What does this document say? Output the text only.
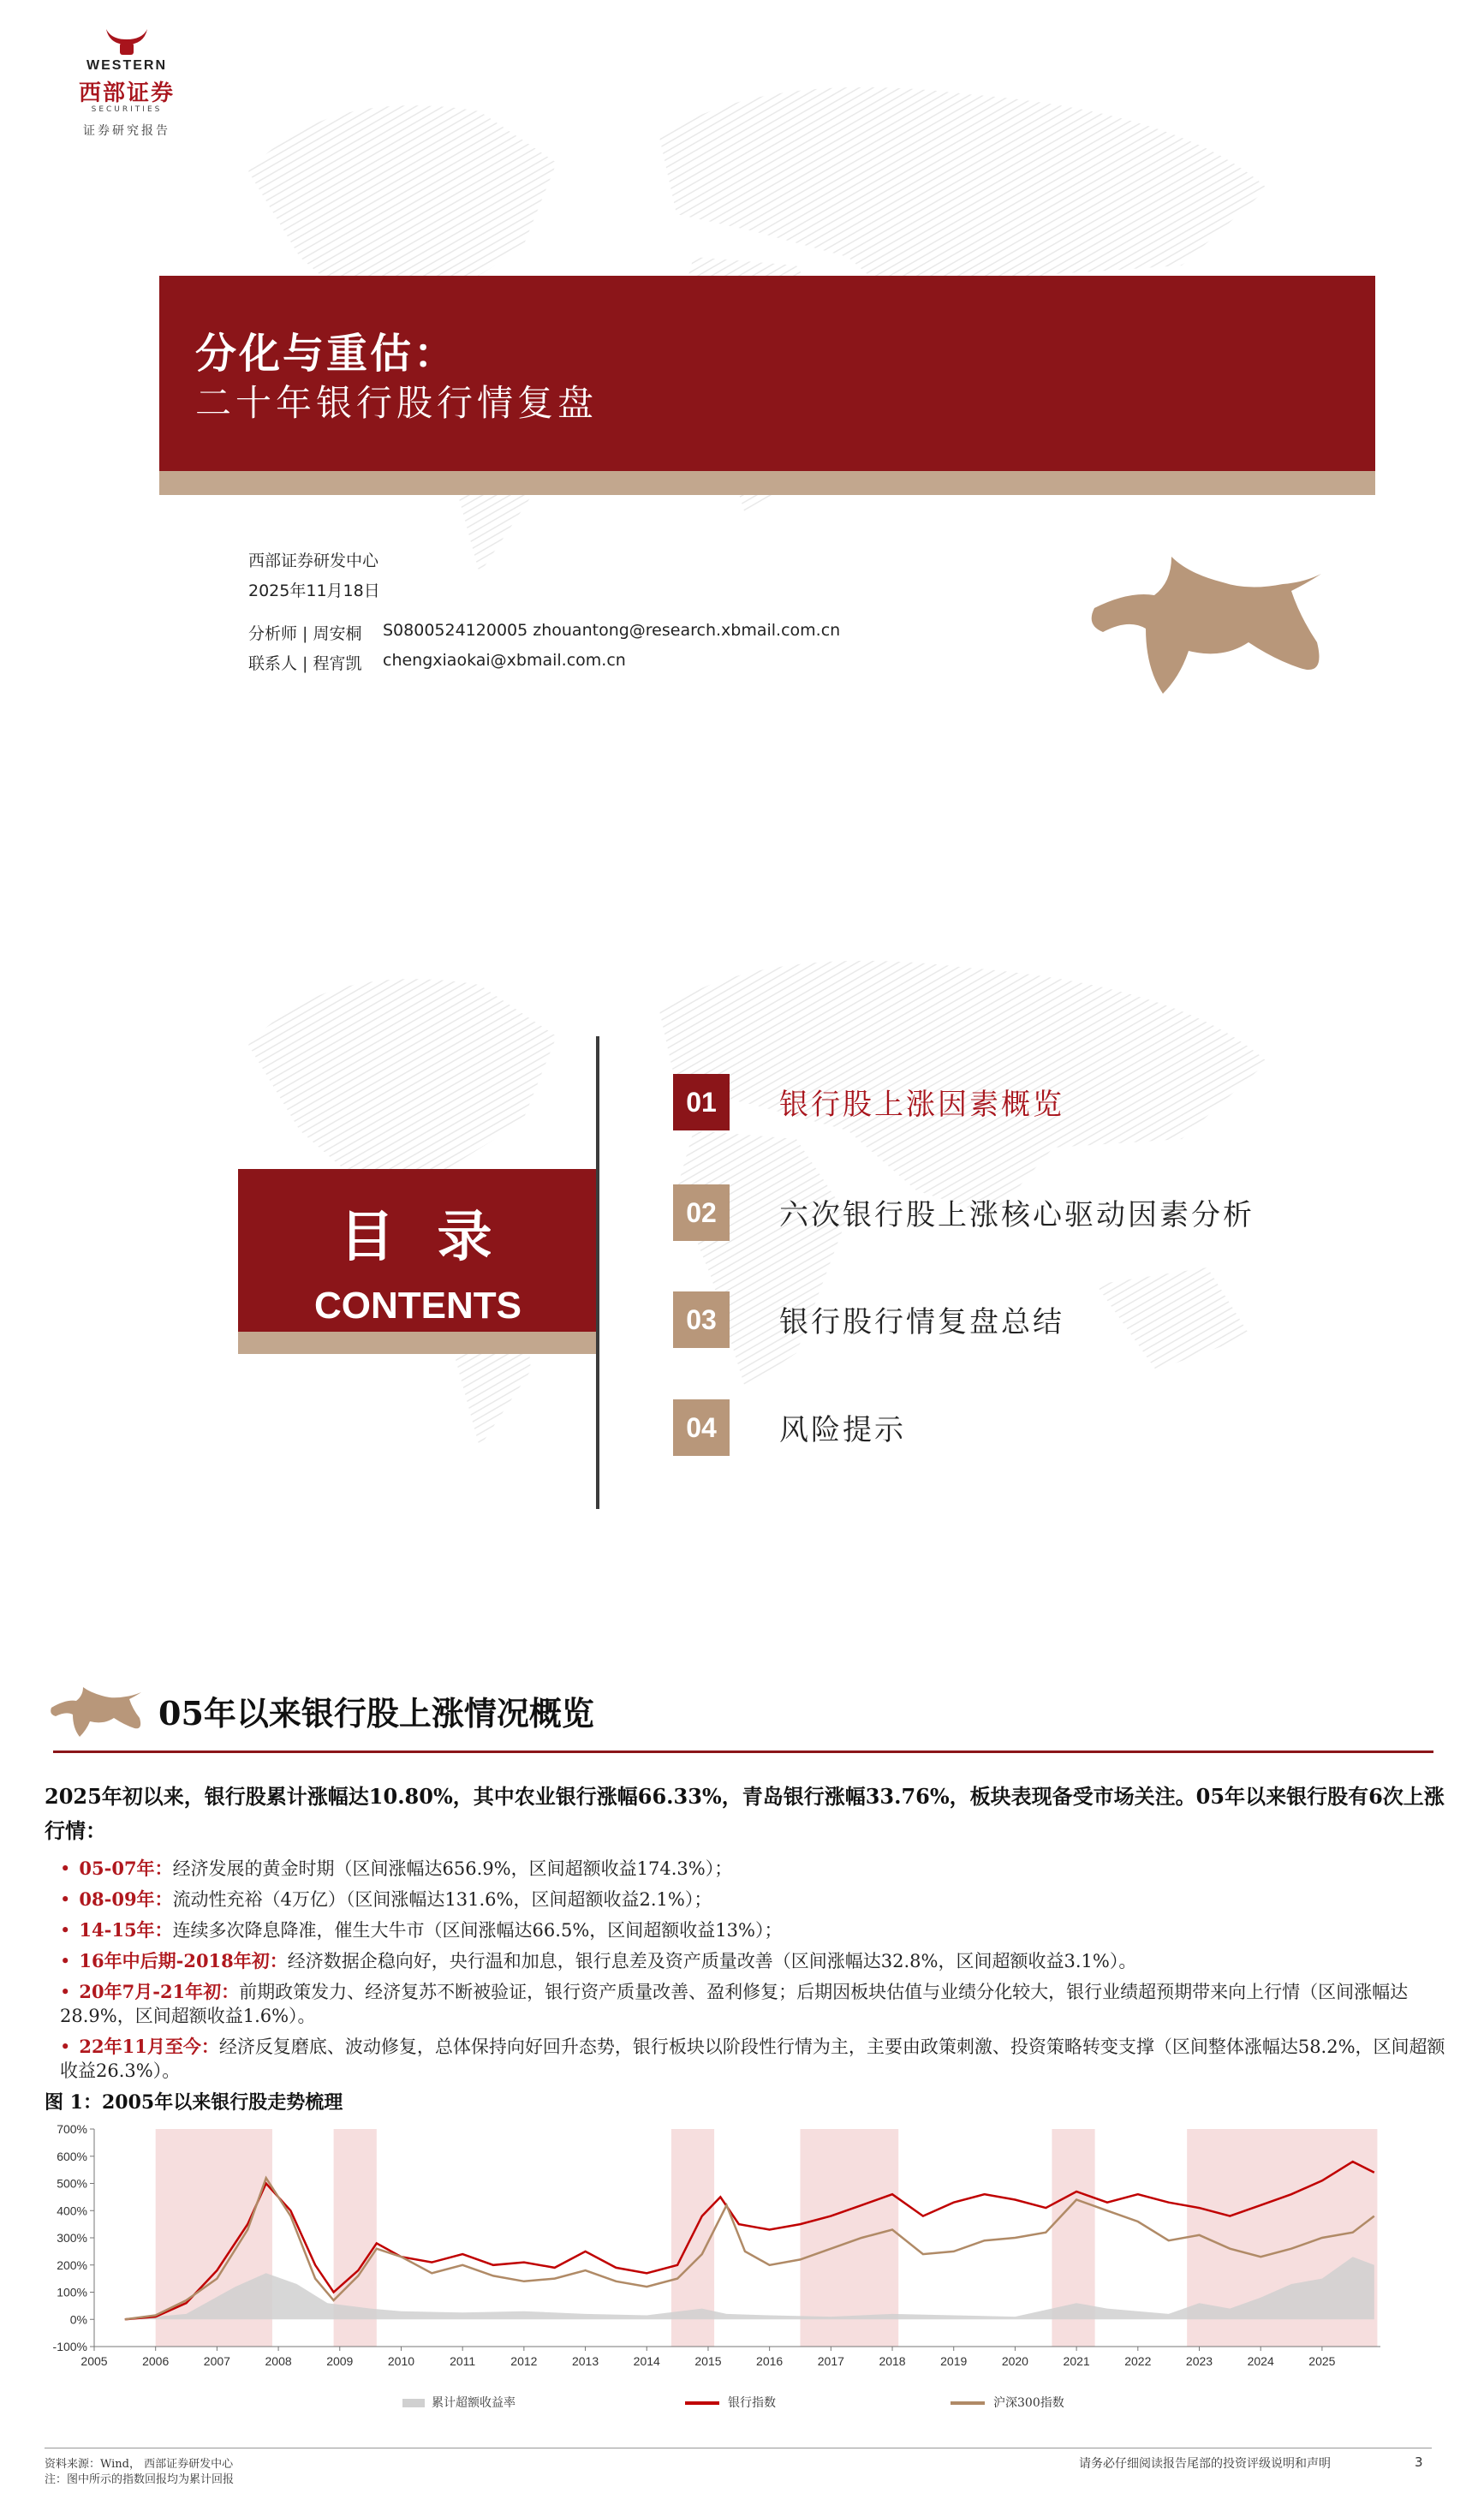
WESTERN
西部证券
SECURITIES
证券研究报告
分化与重估：
二十年银行股行情复盘
西部证券研发中心
2025年11月18日
分析师 | 周安桐 S0800524120005 zhouantong@research.xbmail.com.cn
联系人 | 程宵凯 chengxiaokai@xbmail.com.cn
目录
CONTENTS
01	银行股上涨因素概览
02	六次银行股上涨核心驱动因素分析
03	银行股行情复盘总结
04	风险提示
05年以来银行股上涨情况概览
2025年初以来，银行股累计涨幅达10.80%，其中农业银行涨幅66.33%，青岛银行涨幅33.76%，板块表现备受市场关注。05年以来银行股有6次上涨行情：
• 05-07年：经济发展的黄金时期（区间涨幅达656.9%，区间超额收益174.3%）；
• 08-09年：流动性充裕（4万亿）（区间涨幅达131.6%，区间超额收益2.1%）；
• 14-15年：连续多次降息降准，催生大牛市（区间涨幅达66.5%，区间超额收益13%）；
• 16年中后期-2018年初：经济数据企稳向好，央行温和加息，银行息差及资产质量改善（区间涨幅达32.8%，区间超额收益3.1%）。
• 20年7月-21年初：前期政策发力、经济复苏不断被验证，银行资产质量改善、盈利修复；后期因板块估值与业绩分化较大，银行业绩超预期带来向上行情（区间涨幅达28.9%，区间超额收益1.6%）。
• 22年11月至今：经济反复磨底、波动修复，总体保持向好回升态势，银行板块以阶段性行情为主，主要由政策刺激、投资策略转变支撑（区间整体涨幅达58.2%，区间超额收益26.3%）。
图 1：2005年以来银行股走势梳理
-100%
0%
100%
200%
300%
400%
500%
600%
700%
2005	2006	2007	2008	2009	2010	2011	2012	2013	2014	2015	2016	2017	2018	2019	2020	2021	2022	2023	2024	2025
累计超额收益率	银行指数	沪深300指数
资料来源：Wind， 西部证券研发中心
注：图中所示的指数回报均为累计回报
请务必仔细阅读报告尾部的投资评级说明和声明	3
